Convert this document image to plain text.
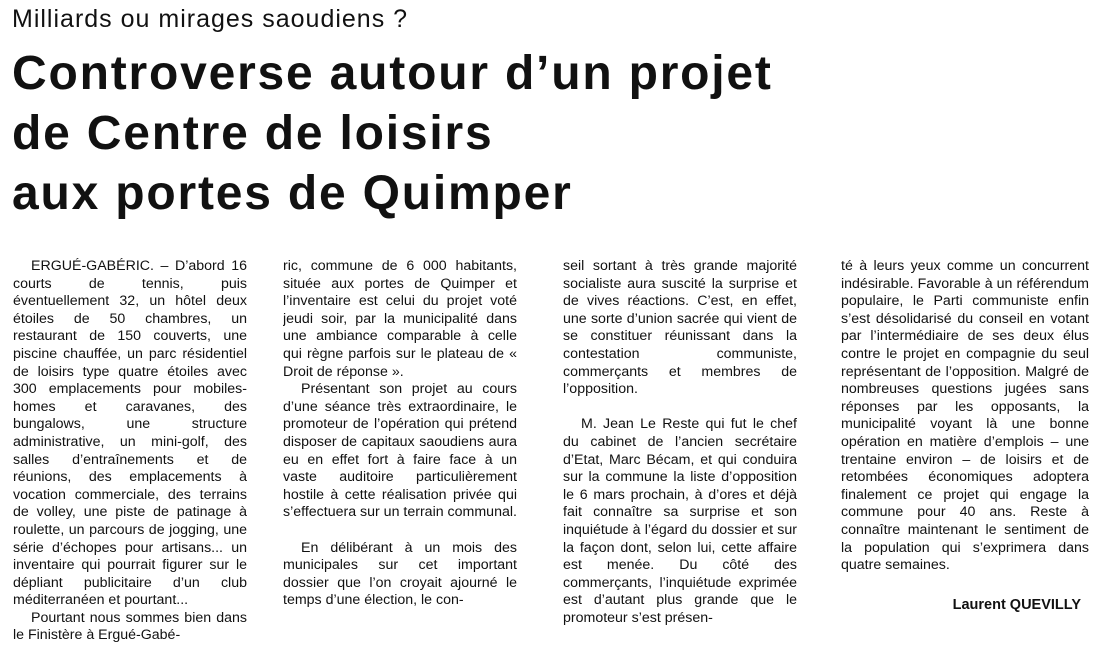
Milliards ou mirages saoudiens ?
Controverse autour d’un projet
de Centre de loisirs
aux portes de Quimper

ERGUÉ-GABÉRIC. – D’abord 16 courts de tennis, puis éventuellement 32, un hôtel deux étoiles de 50 chambres, un restaurant de 150 couverts, une piscine chauffée, un parc résidentiel de loisirs type quatre étoiles avec 300 emplacements pour mobiles-homes et caravanes, des bungalows, une structure administrative, un mini-golf, des salles d’entraînements et de réunions, des emplacements à vocation commerciale, des terrains de volley, une piste de patinage à roulette, un parcours de jogging, une série d’échopes pour artisans... un inventaire qui pourrait figurer sur le dépliant publicitaire d’un club méditerranéen et pourtant...

Pourtant nous sommes bien dans le Finistère à Ergué-Gabé-

ric, commune de 6 000 habitants, située aux portes de Quimper et l’inventaire est celui du projet voté jeudi soir, par la municipalité dans une ambiance comparable à celle qui règne parfois sur le plateau de « Droit de réponse ».

Présentant son projet au cours d’une séance très extraordinaire, le promoteur de l’opération qui prétend disposer de capitaux saoudiens aura eu en effet fort à faire face à un vaste auditoire particulièrement hostile à cette réalisation privée qui s’effectuera sur un terrain communal.

En délibérant à un mois des municipales sur cet important dossier que l’on croyait ajourné le temps d’une élection, le con-

seil sortant à très grande majorité socialiste aura suscité la surprise et de vives réactions. C’est, en effet, une sorte d’union sacrée qui vient de se constituer réunissant dans la contestation communiste, commerçants et membres de l’opposition.

M. Jean Le Reste qui fut le chef du cabinet de l’ancien secrétaire d’Etat, Marc Bécam, et qui conduira sur la commune la liste d’opposition le 6 mars prochain, à d’ores et déjà fait connaître sa surprise et son inquiétude à l’égard du dossier et sur la façon dont, selon lui, cette affaire est menée. Du côté des commerçants, l’inquiétude exprimée est d’autant plus grande que le promoteur s’est présen-

té à leurs yeux comme un concurrent indésirable. Favorable à un référendum populaire, le Parti communiste enfin s’est désolidarisé du conseil en votant par l’intermédiaire de ses deux élus contre le projet en compagnie du seul représentant de l’opposition. Malgré de nombreuses questions jugées sans réponses par les opposants, la municipalité voyant là une bonne opération en matière d’emplois – une trentaine environ – de loisirs et de retombées économiques adoptera finalement ce projet qui engage la commune pour 40 ans. Reste à connaître maintenant le sentiment de la population qui s’exprimera dans quatre semaines.

Laurent QUEVILLY
